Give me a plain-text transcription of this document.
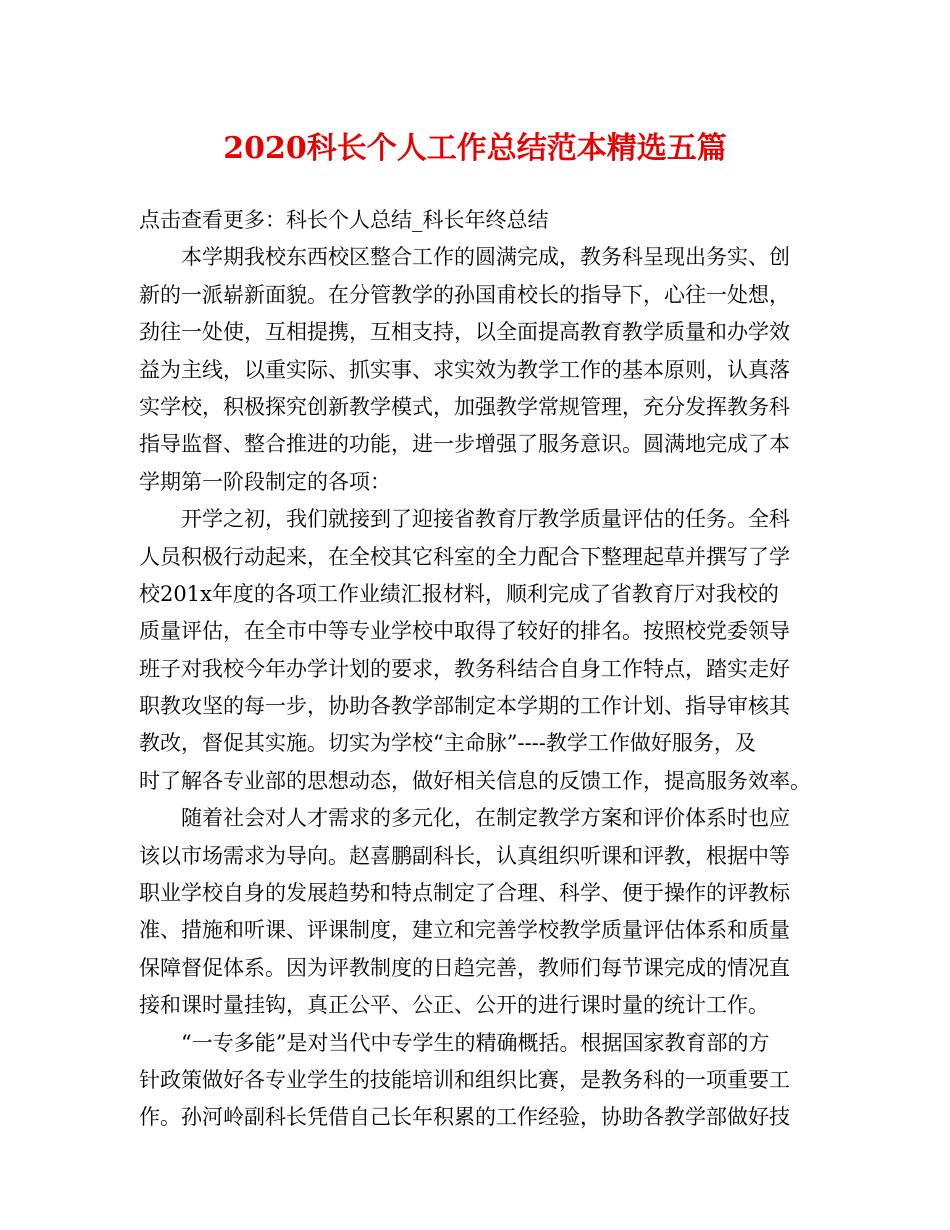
2020科长个人工作总结范本精选五篇
点击查看更多：科长个人总结_科长年终总结
本学期我校东西校区整合工作的圆满完成，教务科呈现出务实、创
新的一派崭新面貌。在分管教学的孙国甫校长的指导下，心往一处想，
劲往一处使，互相提携，互相支持，以全面提高教育教学质量和办学效
益为主线，以重实际、抓实事、求实效为教学工作的基本原则，认真落
实学校，积极探究创新教学模式，加强教学常规管理，充分发挥教务科
指导监督、整合推进的功能，进一步增强了服务意识。圆满地完成了本
学期第一阶段制定的各项：
开学之初，我们就接到了迎接省教育厅教学质量评估的任务。全科
人员积极行动起来，在全校其它科室的全力配合下整理起草并撰写了学
校201x年度的各项工作业绩汇报材料，顺利完成了省教育厅对我校的
质量评估，在全市中等专业学校中取得了较好的排名。按照校党委领导
班子对我校今年办学计划的要求，教务科结合自身工作特点，踏实走好
职教攻坚的每一步，协助各教学部制定本学期的工作计划、指导审核其
教改，督促其实施。切实为学校“主命脉”----教学工作做好服务，及
时了解各专业部的思想动态，做好相关信息的反馈工作，提高服务效率。
随着社会对人才需求的多元化，在制定教学方案和评价体系时也应
该以市场需求为导向。赵喜鹏副科长，认真组织听课和评教，根据中等
职业学校自身的发展趋势和特点制定了合理、科学、便于操作的评教标
准、措施和听课、评课制度，建立和完善学校教学质量评估体系和质量
保障督促体系。因为评教制度的日趋完善，教师们每节课完成的情况直
接和课时量挂钩，真正公平、公正、公开的进行课时量的统计工作。
“一专多能”是对当代中专学生的精确概括。根据国家教育部的方
针政策做好各专业学生的技能培训和组织比赛，是教务科的一项重要工
作。孙河岭副科长凭借自己长年积累的工作经验，协助各教学部做好技
